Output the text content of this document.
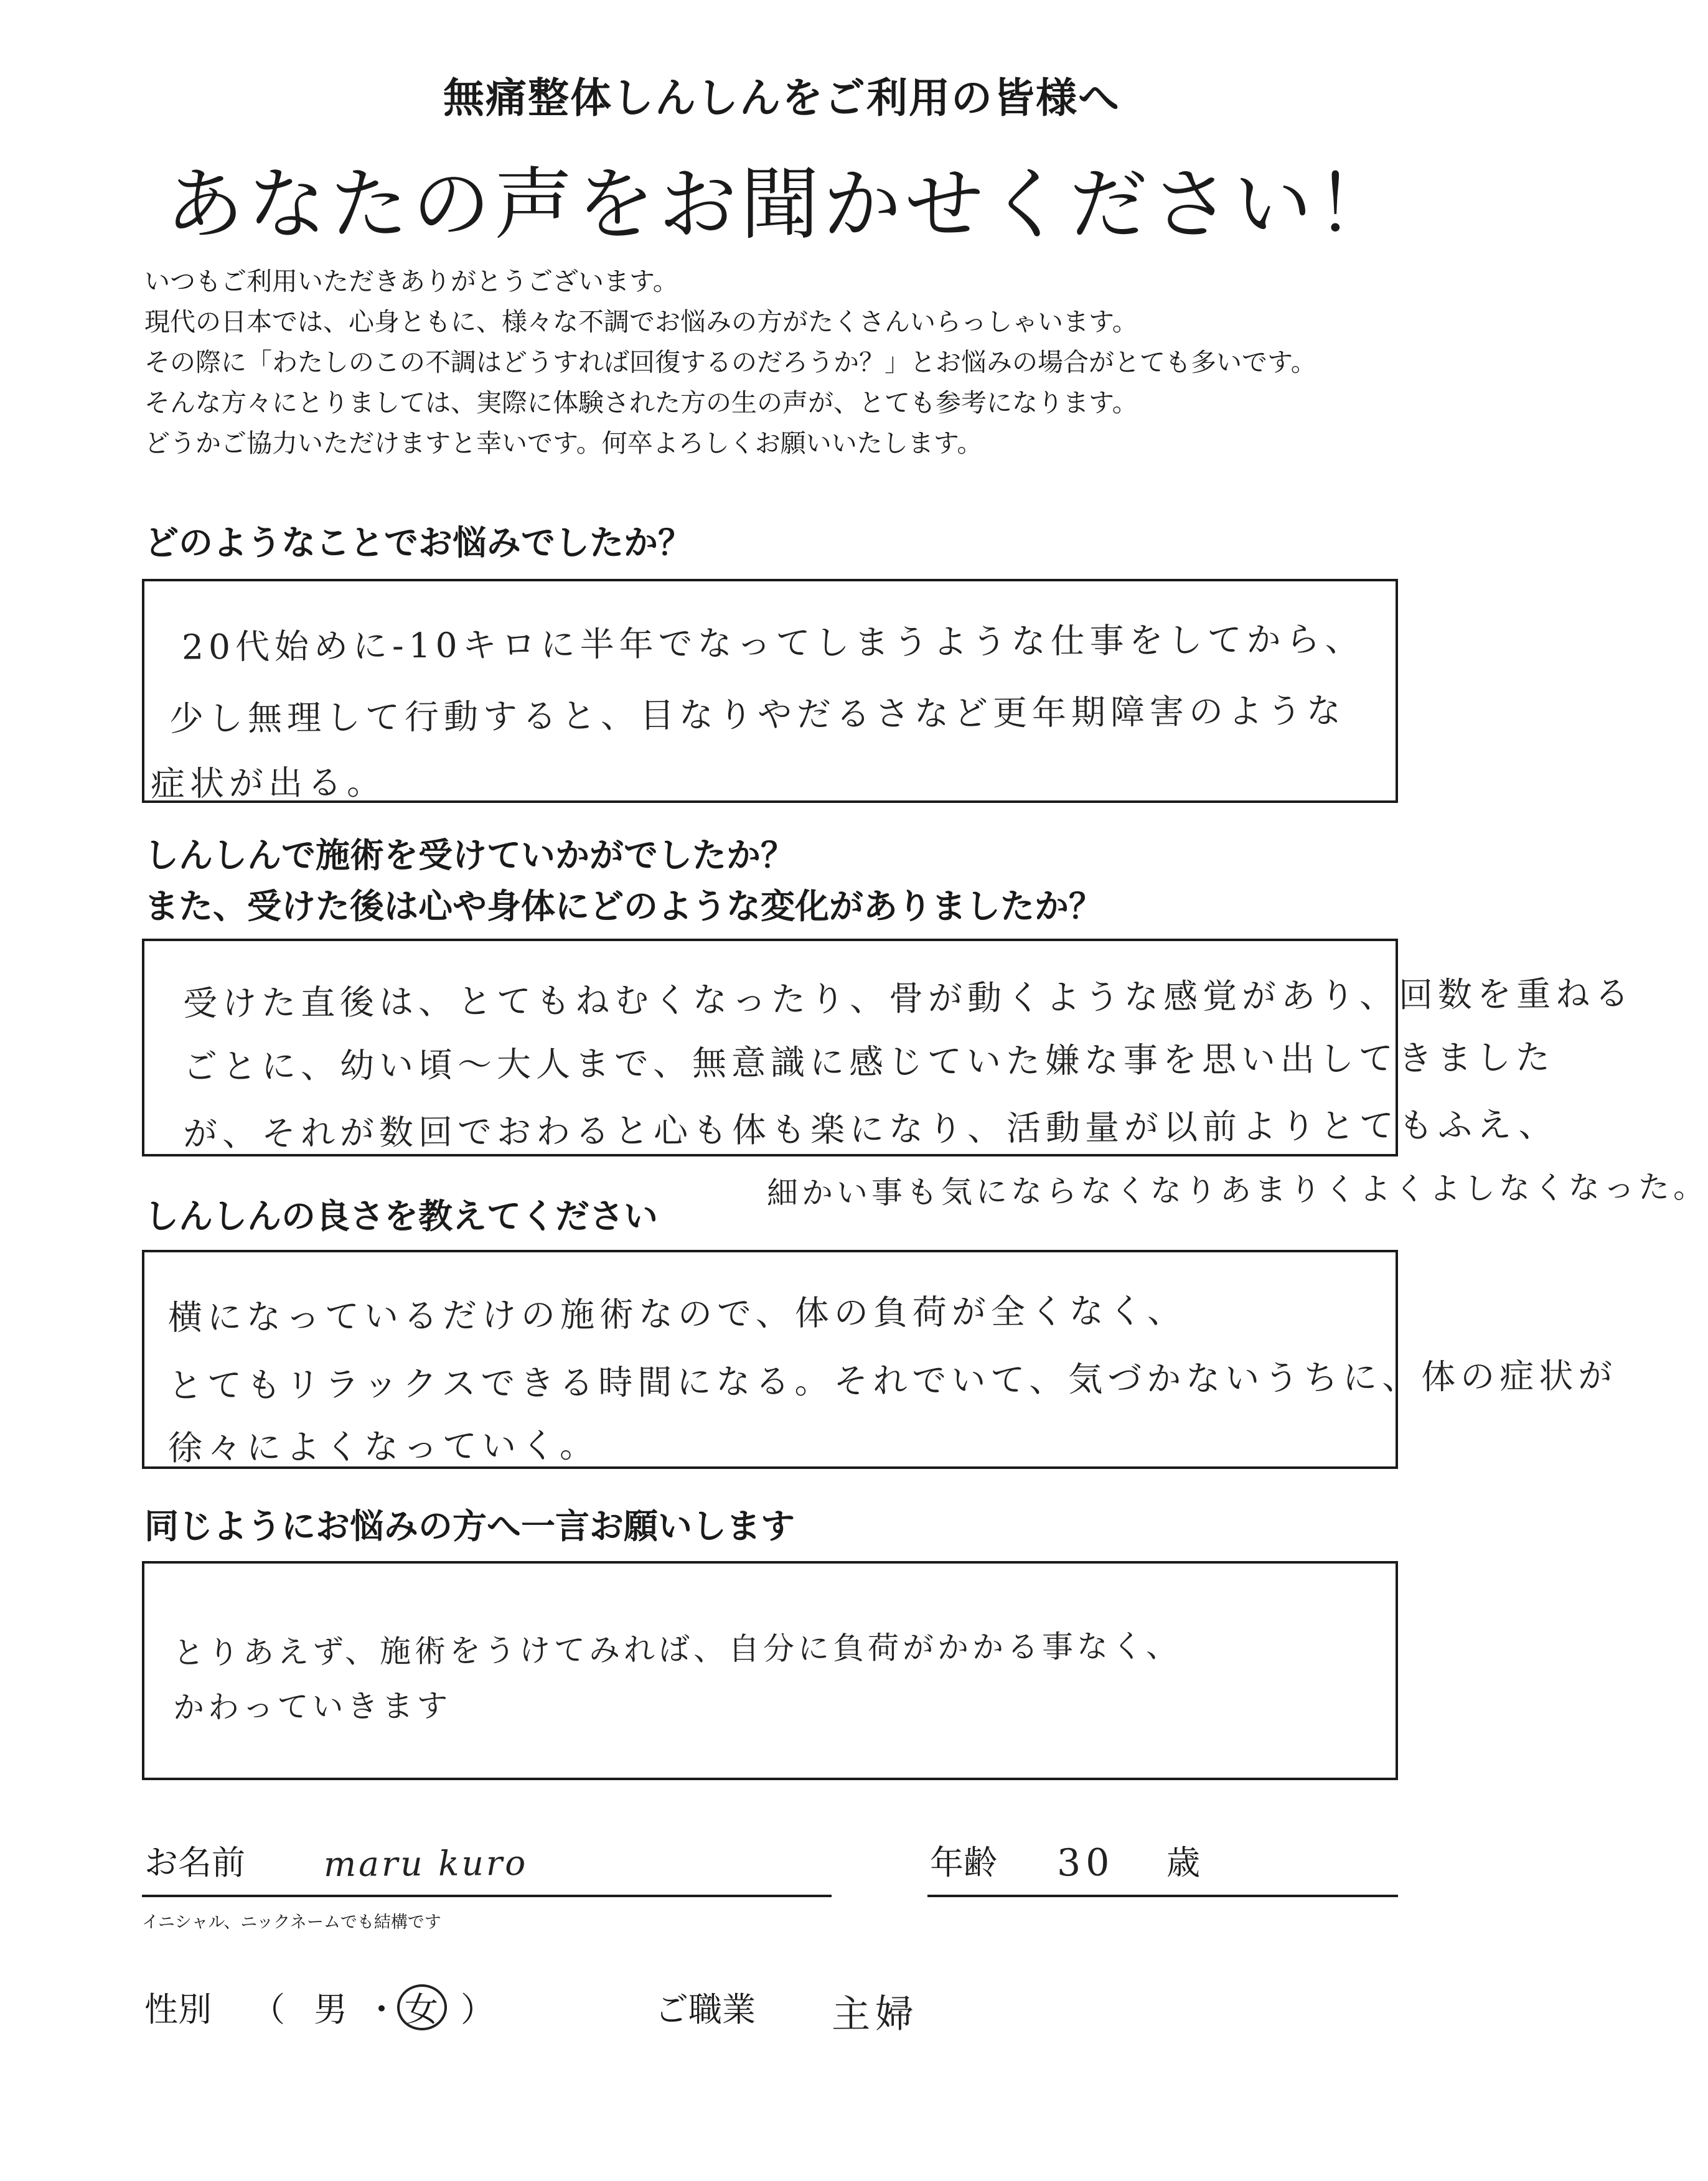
無痛整体しんしんをご利用の皆様へ
あなたの声をお聞かせください！
いつもご利用いただきありがとうございます。
現代の日本では、心身ともに、様々な不調でお悩みの方がたくさんいらっしゃいます。
その際に「わたしのこの不調はどうすれば回復するのだろうか？」とお悩みの場合がとても多いです。
そんな方々にとりましては、実際に体験された方の生の声が、とても参考になります。
どうかご協力いただけますと幸いです。何卒よろしくお願いいたします。
どのようなことでお悩みでしたか？
20代始めに-10キロに半年でなってしまうような仕事をしてから、
少し無理して行動すると、目なりやだるさなど更年期障害のような
症状が出る。
しんしんで施術を受けていかがでしたか？
また、受けた後は心や身体にどのような変化がありましたか？
受けた直後は、とてもねむくなったり、骨が動くような感覚があり、回数を重ねる
ごとに、幼い頃～大人まで、無意識に感じていた嫌な事を思い出してきました
が、それが数回でおわると心も体も楽になり、活動量が以前よりとてもふえ、
細かい事も気にならなくなりあまりくよくよしなくなった。
しんしんの良さを教えてください
横になっているだけの施術なので、体の負荷が全くなく、
とてもリラックスできる時間になる。それでいて、気づかないうちに、体の症状が
徐々によくなっていく。
同じようにお悩みの方へ一言お願いします
とりあえず、施術をうけてみれば、自分に負荷がかかる事なく、
かわっていきます
お名前 maru kuro
イニシャル、ニックネームでも結構です
年齢 30 歳
性別 （ 男 ・ 女 ）	ご職業 主婦
